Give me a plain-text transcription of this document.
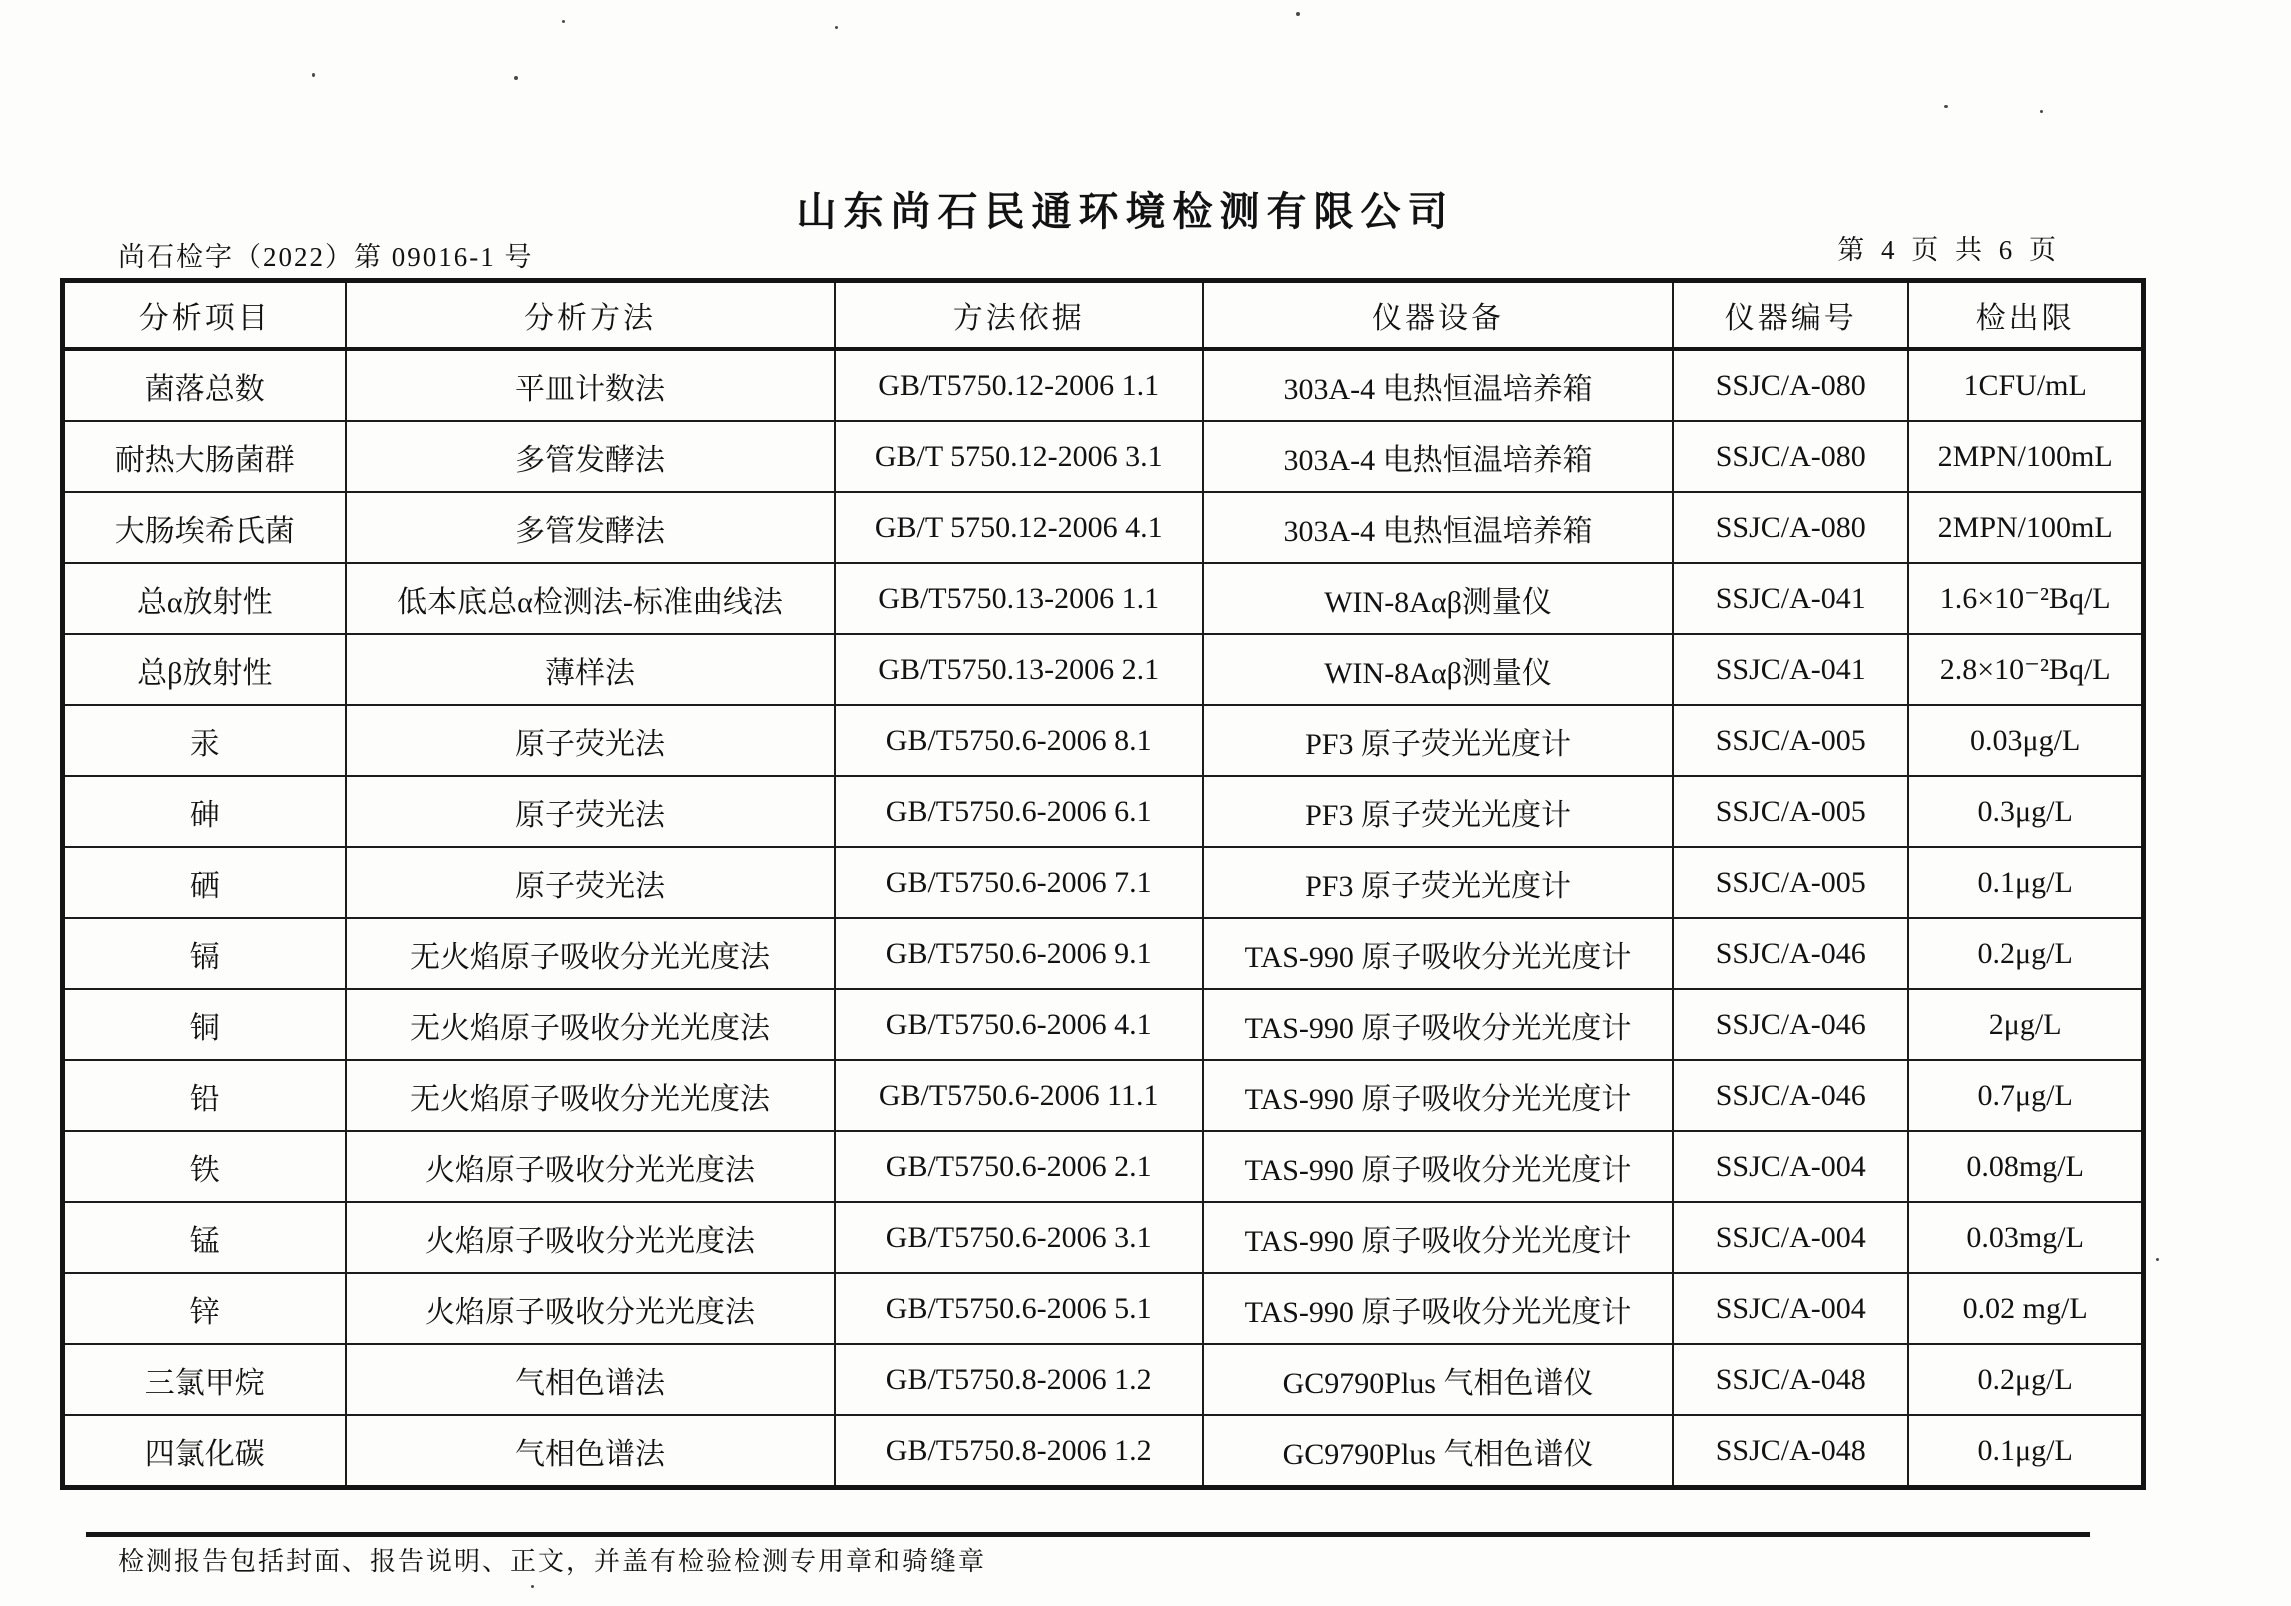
山东尚石民通环境检测有限公司
尚石检字（2022）第 09016-1 号	第 4 页 共 6 页
分析项目	分析方法	方法依据	仪器设备	仪器编号	检出限
菌落总数	平皿计数法	GB/T5750.12-2006 1.1	303A-4 电热恒温培养箱	SSJC/A-080	1CFU/mL
耐热大肠菌群	多管发酵法	GB/T 5750.12-2006 3.1	303A-4 电热恒温培养箱	SSJC/A-080	2MPN/100mL
大肠埃希氏菌	多管发酵法	GB/T 5750.12-2006 4.1	303A-4 电热恒温培养箱	SSJC/A-080	2MPN/100mL
总α放射性	低本底总α检测法-标准曲线法	GB/T5750.13-2006 1.1	WIN-8Aαβ测量仪	SSJC/A-041	1.6×10⁻²Bq/L
总β放射性	薄样法	GB/T5750.13-2006 2.1	WIN-8Aαβ测量仪	SSJC/A-041	2.8×10⁻²Bq/L
汞	原子荧光法	GB/T5750.6-2006 8.1	PF3 原子荧光光度计	SSJC/A-005	0.03μg/L
砷	原子荧光法	GB/T5750.6-2006 6.1	PF3 原子荧光光度计	SSJC/A-005	0.3μg/L
硒	原子荧光法	GB/T5750.6-2006 7.1	PF3 原子荧光光度计	SSJC/A-005	0.1μg/L
镉	无火焰原子吸收分光光度法	GB/T5750.6-2006 9.1	TAS-990 原子吸收分光光度计	SSJC/A-046	0.2μg/L
铜	无火焰原子吸收分光光度法	GB/T5750.6-2006 4.1	TAS-990 原子吸收分光光度计	SSJC/A-046	2μg/L
铅	无火焰原子吸收分光光度法	GB/T5750.6-2006 11.1	TAS-990 原子吸收分光光度计	SSJC/A-046	0.7μg/L
铁	火焰原子吸收分光光度法	GB/T5750.6-2006 2.1	TAS-990 原子吸收分光光度计	SSJC/A-004	0.08mg/L
锰	火焰原子吸收分光光度法	GB/T5750.6-2006 3.1	TAS-990 原子吸收分光光度计	SSJC/A-004	0.03mg/L
锌	火焰原子吸收分光光度法	GB/T5750.6-2006 5.1	TAS-990 原子吸收分光光度计	SSJC/A-004	0.02 mg/L
三氯甲烷	气相色谱法	GB/T5750.8-2006 1.2	GC9790Plus 气相色谱仪	SSJC/A-048	0.2μg/L
四氯化碳	气相色谱法	GB/T5750.8-2006 1.2	GC9790Plus 气相色谱仪	SSJC/A-048	0.1μg/L
检测报告包括封面、报告说明、正文，并盖有检验检测专用章和骑缝章
